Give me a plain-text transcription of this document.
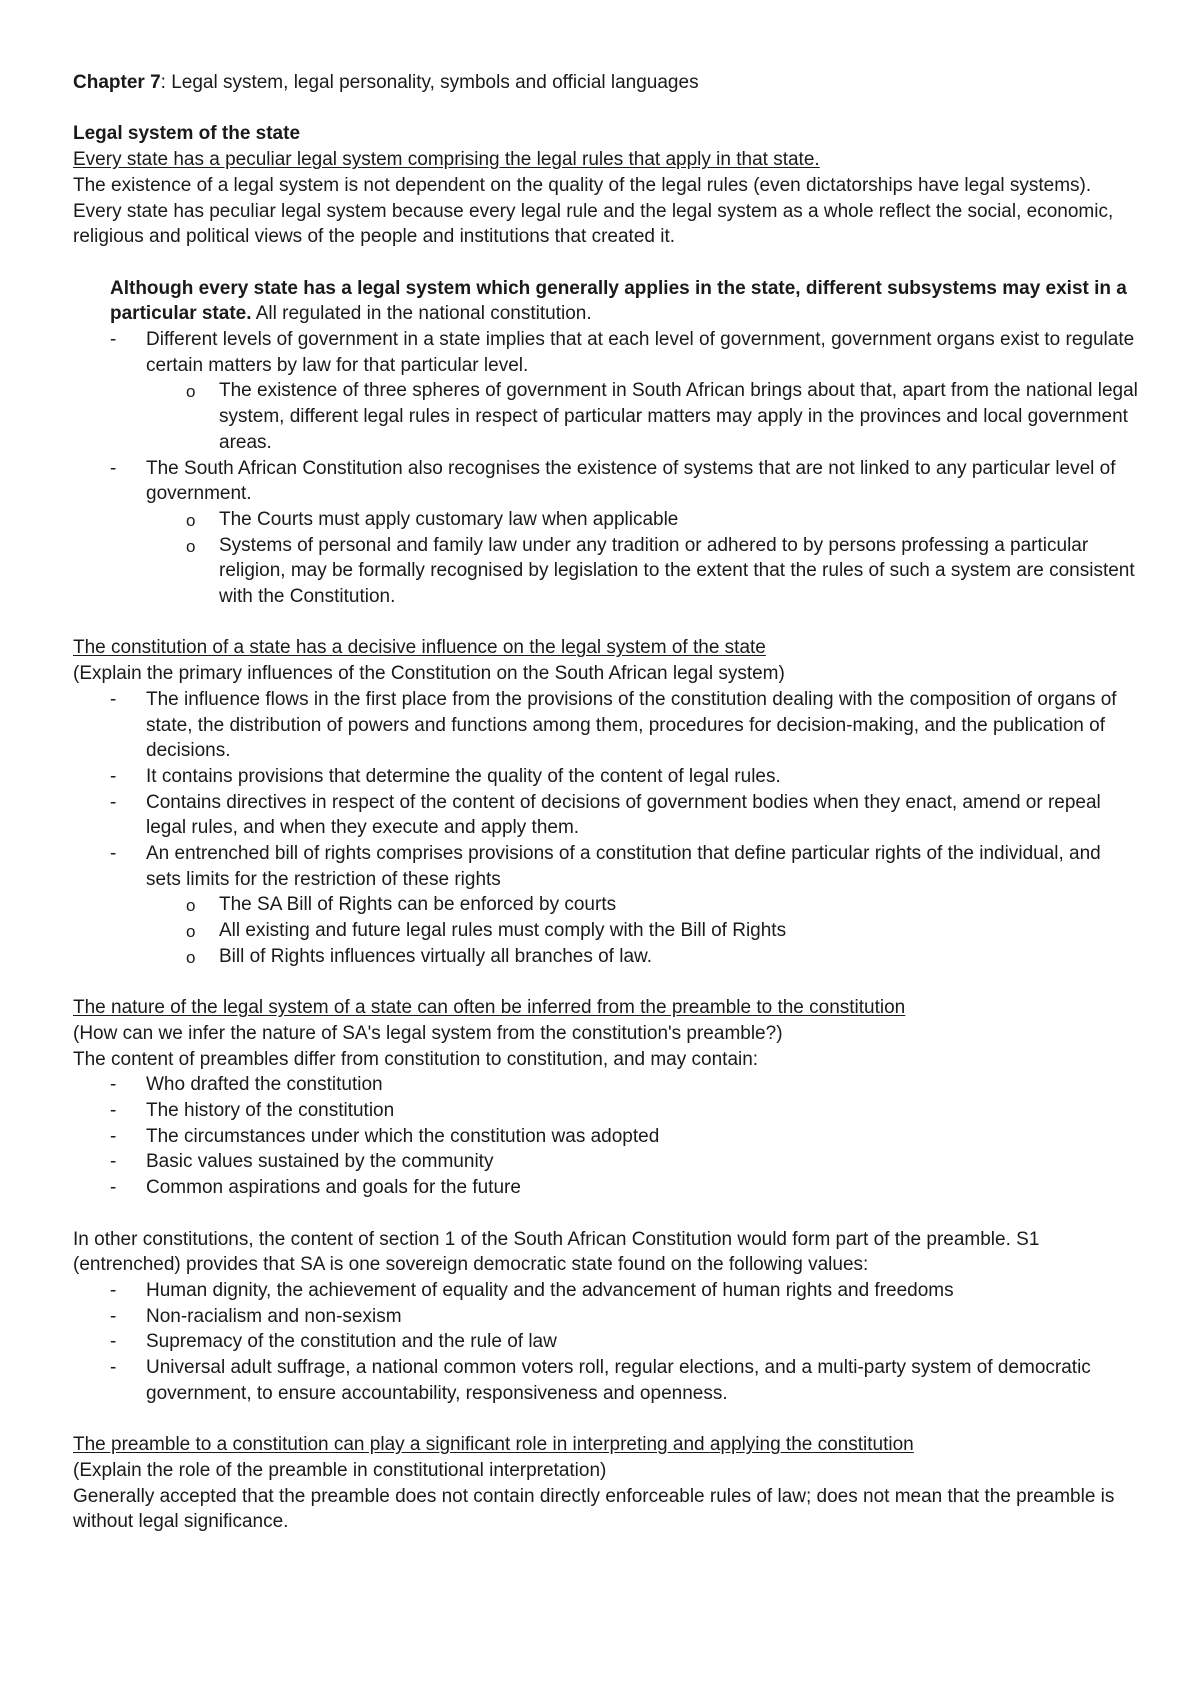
Chapter 7: Legal system, legal personality, symbols and official languages

Legal system of the state

Every state has a peculiar legal system comprising the legal rules that apply in that state.

The existence of a legal system is not dependent on the quality of the legal rules (even dictatorships have legal systems).

Every state has peculiar legal system because every legal rule and the legal system as a whole reflect the social, economic, religious and political views of the people and institutions that created it.

Although every state has a legal system which generally applies in the state, different subsystems may exist in a particular state. All regulated in the national constitution.

- Different levels of government in a state implies that at each level of government, government organs exist to regulate certain matters by law for that particular level.
o The existence of three spheres of government in South African brings about that, apart from the national legal system, different legal rules in respect of particular matters may apply in the provinces and local government areas.
- The South African Constitution also recognises the existence of systems that are not linked to any particular level of government.
o The Courts must apply customary law when applicable
o Systems of personal and family law under any tradition or adhered to by persons professing a particular religion, may be formally recognised by legislation to the extent that the rules of such a system are consistent with the Constitution.

The constitution of a state has a decisive influence on the legal system of the state

(Explain the primary influences of the Constitution on the South African legal system)

- The influence flows in the first place from the provisions of the constitution dealing with the composition of organs of state, the distribution of powers and functions among them, procedures for decision-making, and the publication of decisions.
- It contains provisions that determine the quality of the content of legal rules.
- Contains directives in respect of the content of decisions of government bodies when they enact, amend or repeal legal rules, and when they execute and apply them.
- An entrenched bill of rights comprises provisions of a constitution that define particular rights of the individual, and sets limits for the restriction of these rights
o The SA Bill of Rights can be enforced by courts
o All existing and future legal rules must comply with the Bill of Rights
o Bill of Rights influences virtually all branches of law.

The nature of the legal system of a state can often be inferred from the preamble to the constitution

(How can we infer the nature of SA's legal system from the constitution's preamble?)

The content of preambles differ from constitution to constitution, and may contain:

- Who drafted the constitution
- The history of the constitution
- The circumstances under which the constitution was adopted
- Basic values sustained by the community
- Common aspirations and goals for the future

In other constitutions, the content of section 1 of the South African Constitution would form part of the preamble. S1 (entrenched) provides that SA is one sovereign democratic state found on the following values:

- Human dignity, the achievement of equality and the advancement of human rights and freedoms
- Non-racialism and non-sexism
- Supremacy of the constitution and the rule of law
- Universal adult suffrage, a national common voters roll, regular elections, and a multi-party system of democratic government, to ensure accountability, responsiveness and openness.

The preamble to a constitution can play a significant role in interpreting and applying the constitution

(Explain the role of the preamble in constitutional interpretation)

Generally accepted that the preamble does not contain directly enforceable rules of law; does not mean that the preamble is without legal significance.
